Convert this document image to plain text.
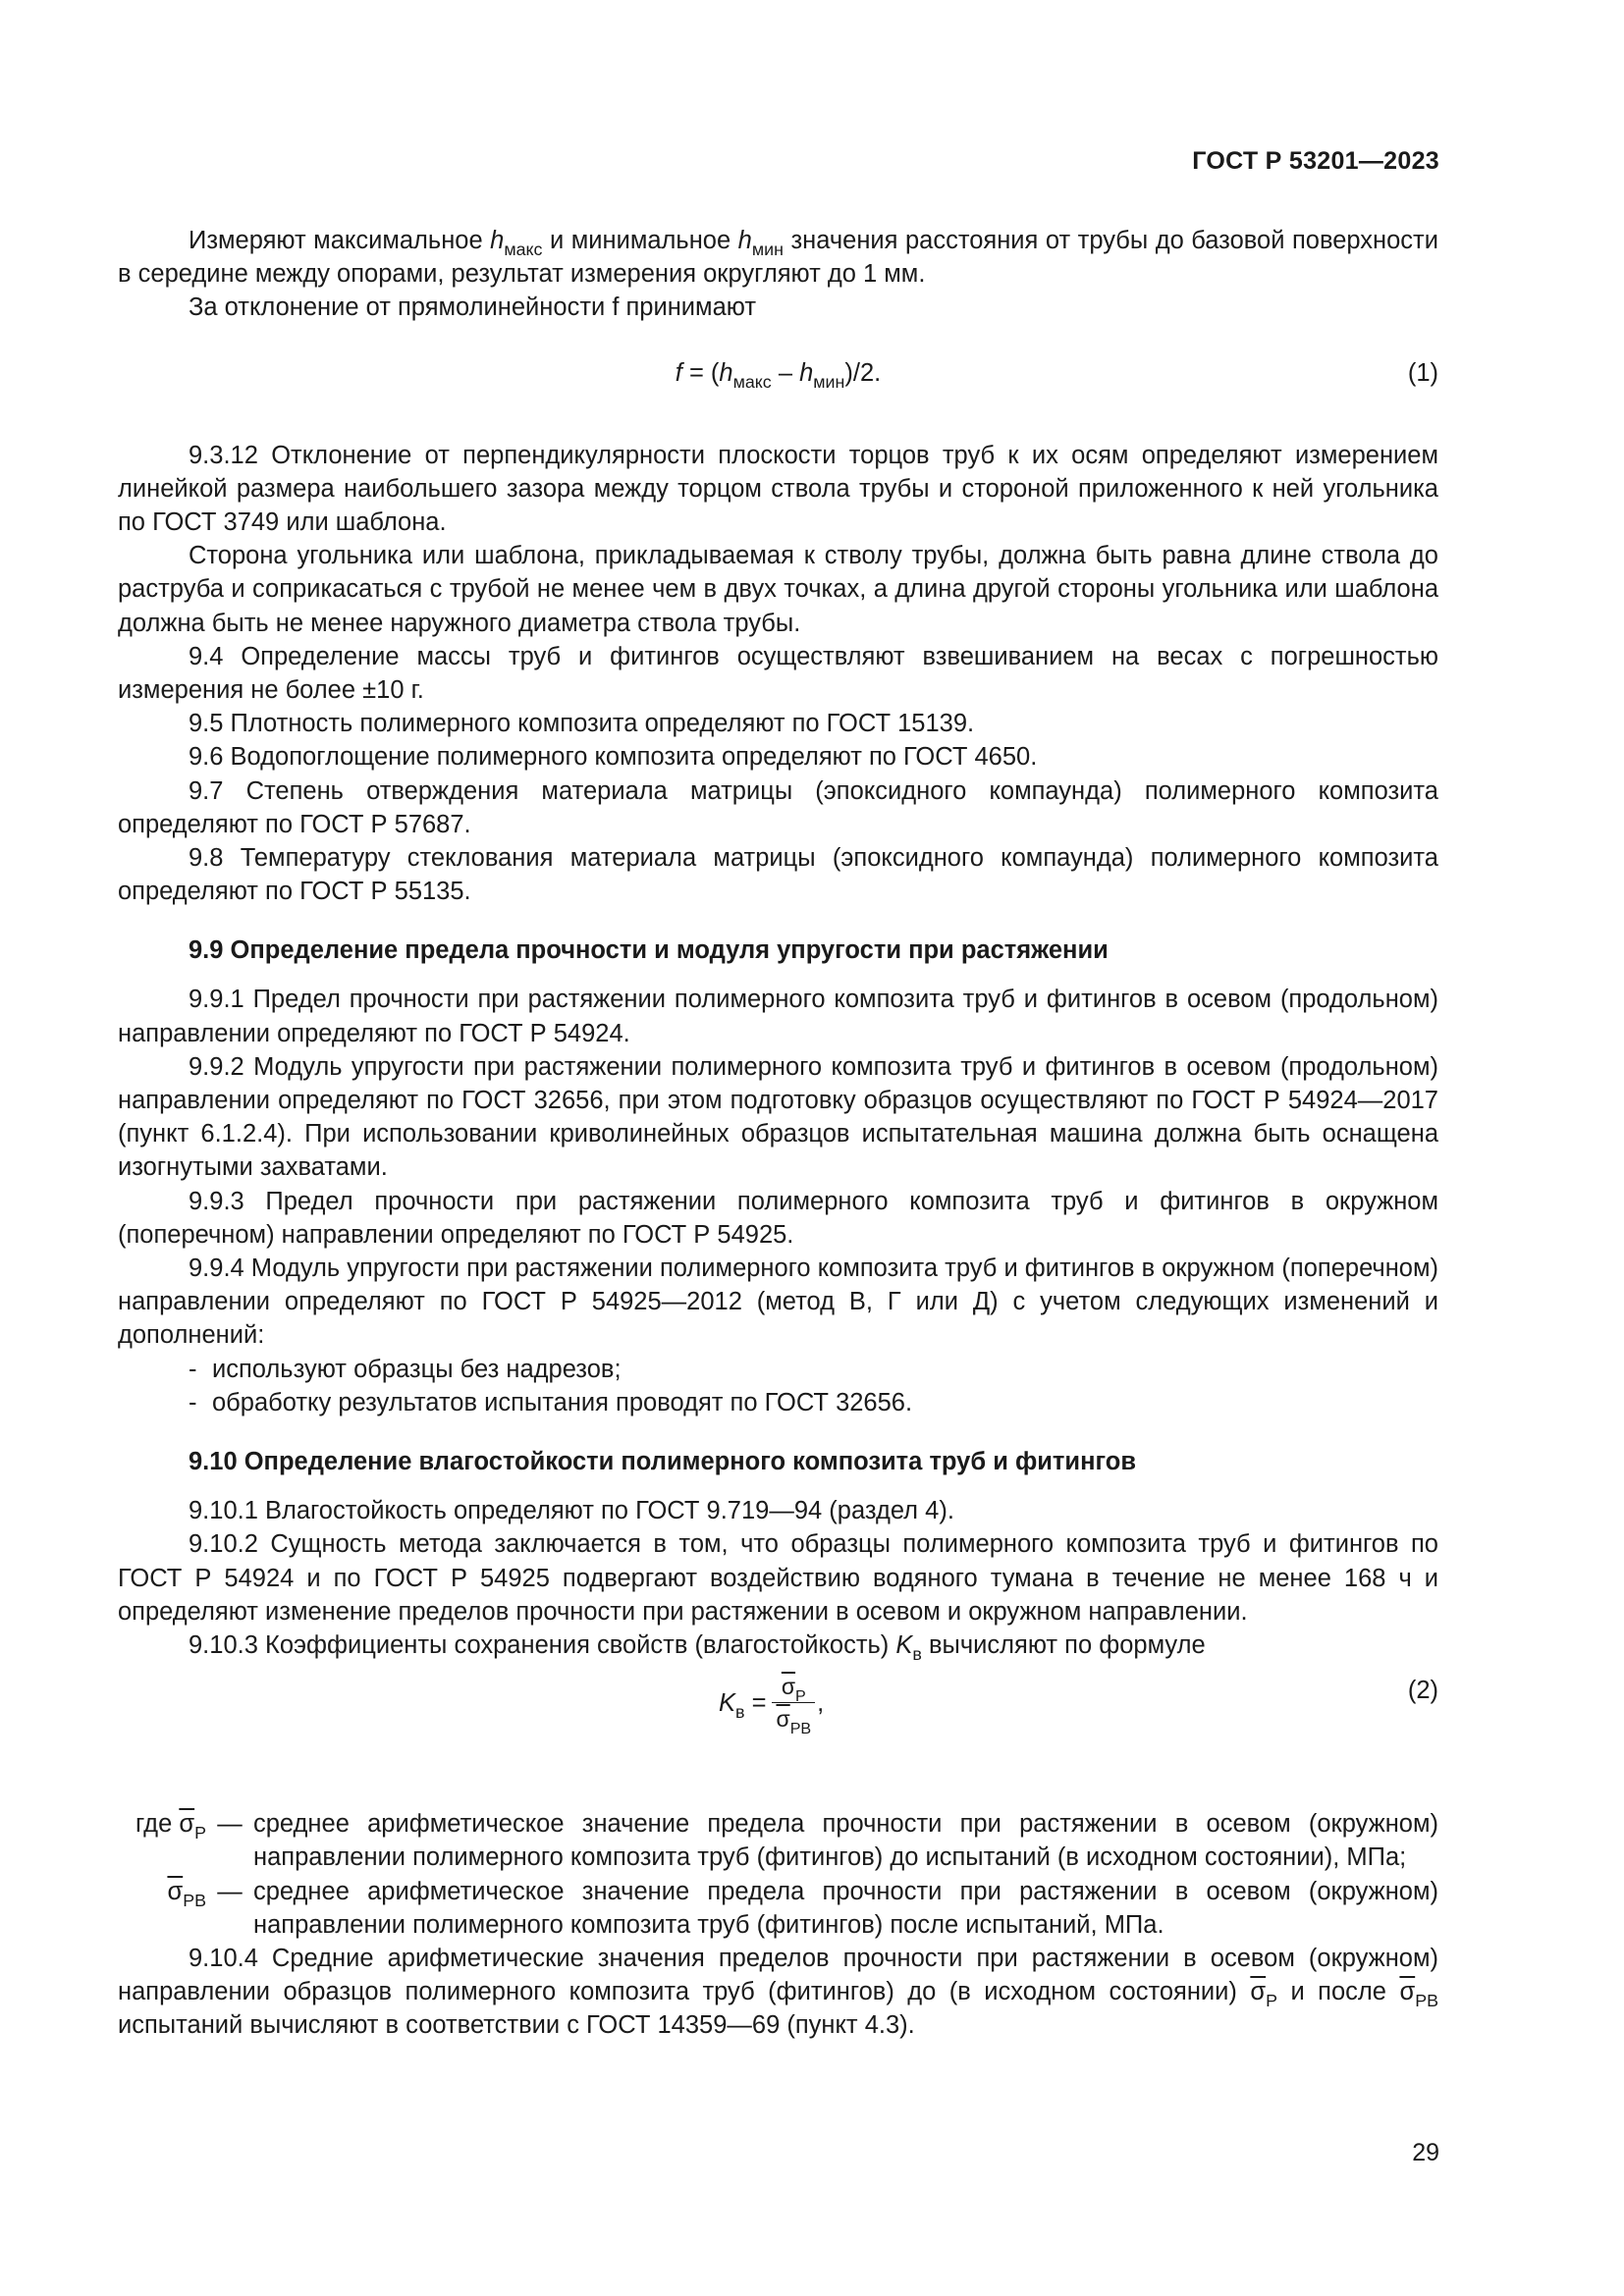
ГОСТ Р 53201—2023

Измеряют максимальное $h_{макс}$ и минимальное $h_{мин}$ значения расстояния от трубы до базовой поверхности в середине между опорами, результат измерения округляют до 1 мм.

За отклонение от прямолинейности f принимают

$f = (h_{макс} - h_{мин})/2$.	(1)

9.3.12 Отклонение от перпендикулярности плоскости торцов труб к их осям определяют измерением линейкой размера наибольшего зазора между торцом ствола трубы и стороной приложенного к ней угольника по ГОСТ 3749 или шаблона.

Сторона угольника или шаблона, прикладываемая к стволу трубы, должна быть равна длине ствола до раструба и соприкасаться с трубой не менее чем в двух точках, а длина другой стороны угольника или шаблона должна быть не менее наружного диаметра ствола трубы.

9.4 Определение массы труб и фитингов осуществляют взвешиванием на весах с погрешностью измерения не более ±10 г.

9.5 Плотность полимерного композита определяют по ГОСТ 15139.

9.6 Водопоглощение полимерного композита определяют по ГОСТ 4650.

9.7 Степень отверждения материала матрицы (эпоксидного компаунда) полимерного композита определяют по ГОСТ Р 57687.

9.8 Температуру стеклования материала матрицы (эпоксидного компаунда) полимерного композита определяют по ГОСТ Р 55135.

9.9 Определение предела прочности и модуля упругости при растяжении

9.9.1 Предел прочности при растяжении полимерного композита труб и фитингов в осевом (продольном) направлении определяют по ГОСТ Р 54924.

9.9.2 Модуль упругости при растяжении полимерного композита труб и фитингов в осевом (продольном) направлении определяют по ГОСТ 32656, при этом подготовку образцов осуществляют по ГОСТ Р 54924—2017 (пункт 6.1.2.4). При использовании криволинейных образцов испытательная машина должна быть оснащена изогнутыми захватами.

9.9.3 Предел прочности при растяжении полимерного композита труб и фитингов в окружном (поперечном) направлении определяют по ГОСТ Р 54925.

9.9.4 Модуль упругости при растяжении полимерного композита труб и фитингов в окружном (поперечном) направлении определяют по ГОСТ Р 54925—2012 (метод В, Г или Д) с учетом следующих изменений и дополнений:

- используют образцы без надрезов;
- обработку результатов испытания проводят по ГОСТ 32656.
9.10 Определение влагостойкости полимерного композита труб и фитингов

9.10.1 Влагостойкость определяют по ГОСТ 9.719—94 (раздел 4).

9.10.2 Сущность метода заключается в том, что образцы полимерного композита труб и фитингов по ГОСТ Р 54924 и по ГОСТ Р 54925 подвергают воздействию водяного тумана в течение не менее 168 ч и определяют изменение пределов прочности при растяжении в осевом и окружном направлении.

9.10.3 Коэффициенты сохранения свойств (влагостойкость) $K_в$ вычисляют по формуле

$K_в = \frac{\overline{\sigma}_Р}{\overline{\sigma}_{РВ}}$ ,	(2)
где $\overline{\sigma}_Р$ — среднее арифметическое значение предела прочности при растяжении в осевом (окружном) направлении полимерного композита труб (фитингов) до испытаний (в исходном состоянии), МПа;
$\overline{\sigma}_{РВ}$ — среднее арифметическое значение предела прочности при растяжении в осевом (окружном) направлении полимерного композита труб (фитингов) после испытаний, МПа.

9.10.4 Средние арифметические значения пределов прочности при растяжении в осевом (окружном) направлении образцов полимерного композита труб (фитингов) до (в исходном состоянии) $\overline{\sigma}_Р$ и после $\overline{\sigma}_{РВ}$ испытаний вычисляют в соответствии с ГОСТ 14359—69 (пункт 4.3).

29
